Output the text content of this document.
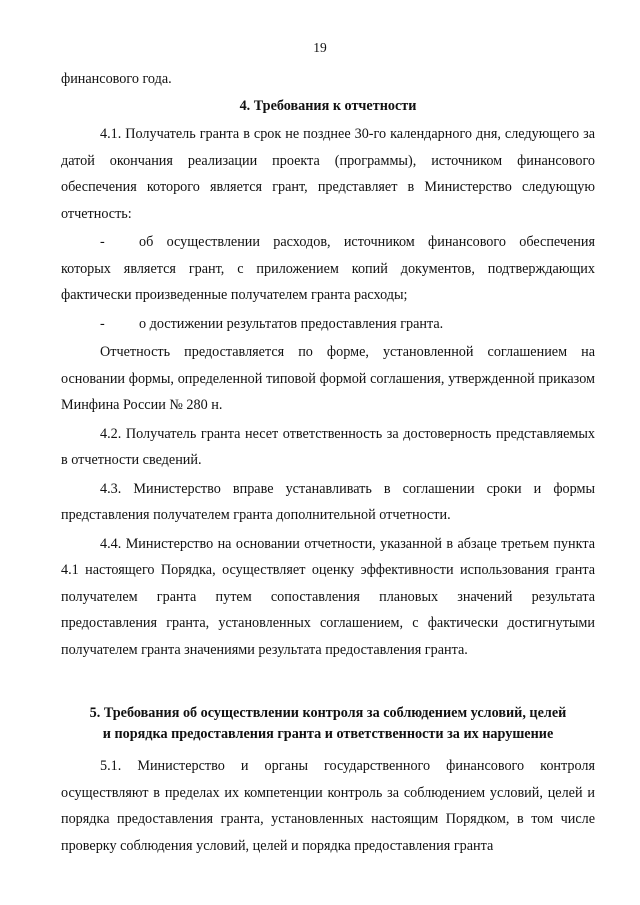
19

финансового года.

4. Требования к отчетности

4.1. Получатель гранта в срок не позднее 30-го календарного дня, следующего за датой окончания реализации проекта (программы), источником финансового обеспечения которого является грант, представляет в Министерство следующую отчетность:

- об осуществлении расходов, источником финансового обеспечения которых является грант, с приложением копий документов, подтверждающих фактически произведенные получателем гранта расходы;

- о достижении результатов предоставления гранта.

Отчетность предоставляется по форме, установленной соглашением на основании формы, определенной типовой формой соглашения, утвержденной приказом Минфина России № 280 н.

4.2. Получатель гранта несет ответственность за достоверность представляемых в отчетности сведений.

4.3. Министерство вправе устанавливать в соглашении сроки и формы представления получателем гранта дополнительной отчетности.

4.4. Министерство на основании отчетности, указанной в абзаце третьем пункта 4.1 настоящего Порядка, осуществляет оценку эффективности использования гранта получателем гранта путем сопоставления плановых значений результата предоставления гранта, установленных соглашением, с фактически достигнутыми получателем гранта значениями результата предоставления гранта.

5. Требования об осуществлении контроля за соблюдением условий, целей
и порядка предоставления гранта и ответственности за их нарушение

5.1. Министерство и органы государственного финансового контроля осуществляют в пределах их компетенции контроль за соблюдением условий, целей и порядка предоставления гранта, установленных настоящим Порядком, в том числе проверку соблюдения условий, целей и порядка предоставления гранта
